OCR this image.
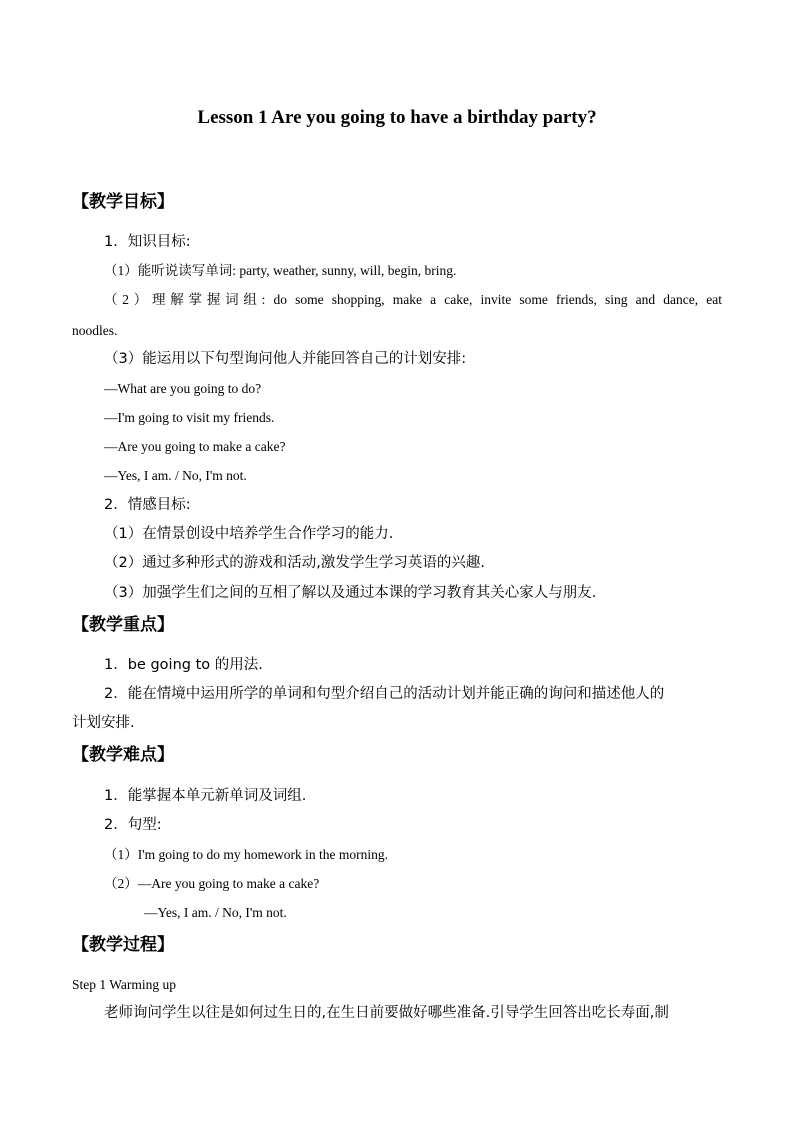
Lesson 1 Are you going to have a birthday party?
【教学目标】
1．知识目标:
（1）能听说读写单词: party, weather, sunny, will, begin, bring.
（2）理解掌握词组: do some shopping, make a cake, invite some friends, sing and dance, eat
noodles.
（3）能运用以下句型询问他人并能回答自己的计划安排:
—What are you going to do?
—I'm going to visit my friends.
—Are you going to make a cake?
—Yes, I am. / No, I'm not.
2．情感目标:
（1）在情景创设中培养学生合作学习的能力.
（2）通过多种形式的游戏和活动,激发学生学习英语的兴趣.
（3）加强学生们之间的互相了解以及通过本课的学习教育其关心家人与朋友.
【教学重点】
1．be going to 的用法.
2．能在情境中运用所学的单词和句型介绍自己的活动计划并能正确的询问和描述他人的
计划安排.
【教学难点】
1．能掌握本单元新单词及词组.
2．句型:
（1）I'm going to do my homework in the morning.
（2）—Are you going to make a cake?
—Yes, I am. / No, I'm not.
【教学过程】
Step 1 Warming up
老师询问学生以往是如何过生日的,在生日前要做好哪些准备.引导学生回答出吃长寿面,制
